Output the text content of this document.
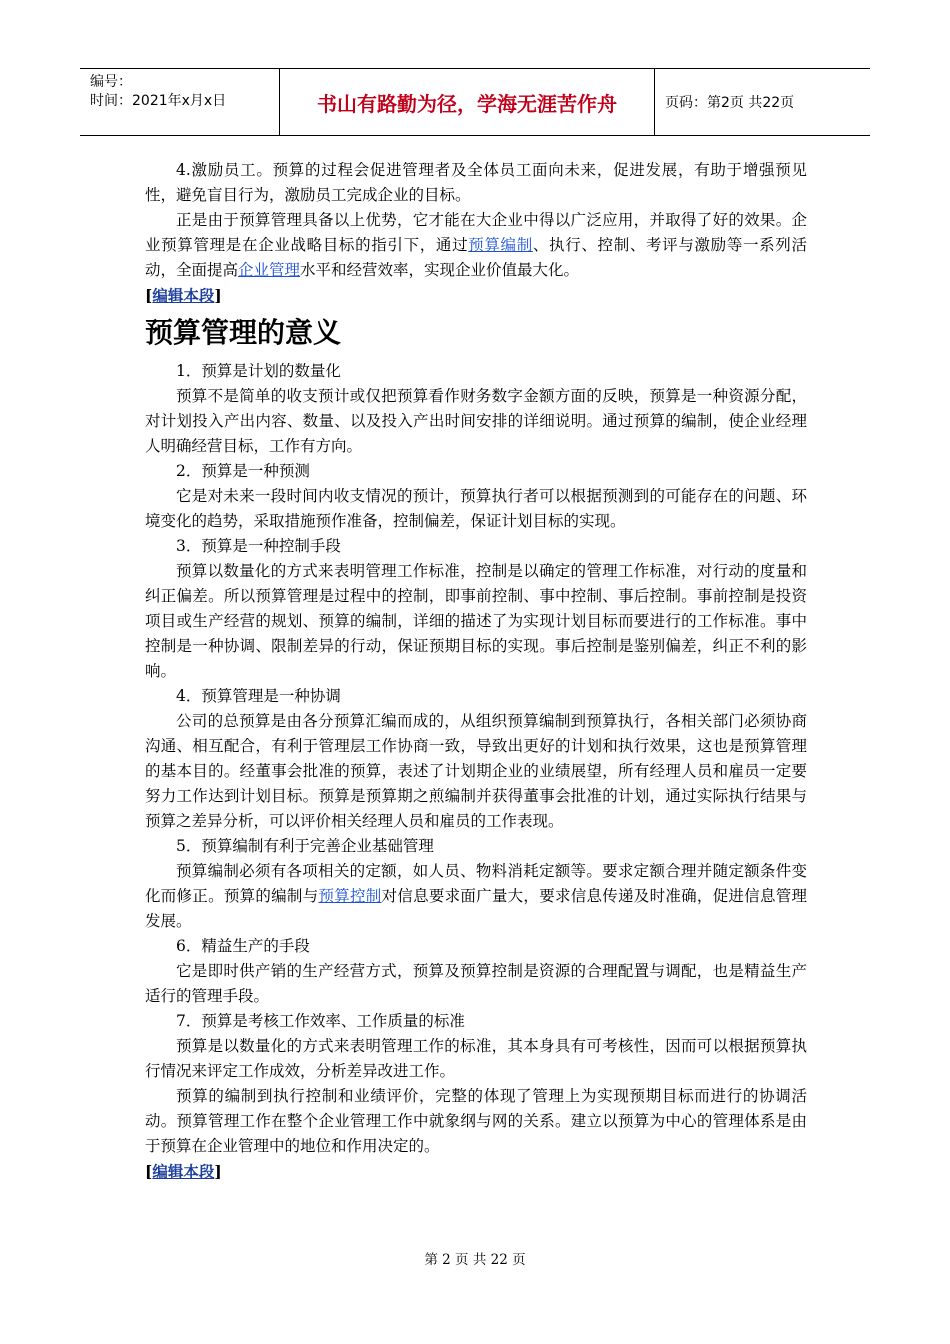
编号：
时间：2021年x月x日	书山有路勤为径，学海无涯苦作舟	页码：第2页 共22页

4.激励员工。预算的过程会促进管理者及全体员工面向未来，促进发展，有助于增强预见性，避免盲目行为，激励员工完成企业的目标。

正是由于预算管理具备以上优势，它才能在大企业中得以广泛应用，并取得了好的效果。企业预算管理是在企业战略目标的指引下，通过预算编制、执行、控制、考评与激励等一系列活动，全面提高企业管理水平和经营效率，实现企业价值最大化。

[编辑本段]
预算管理的意义

1．预算是计划的数量化

预算不是简单的收支预计或仅把预算看作财务数字金额方面的反映，预算是一种资源分配，对计划投入产出内容、数量、以及投入产出时间安排的详细说明。通过预算的编制，使企业经理人明确经营目标，工作有方向。

2．预算是一种预测

它是对未来一段时间内收支情况的预计，预算执行者可以根据预测到的可能存在的问题、环境变化的趋势，采取措施预作准备，控制偏差，保证计划目标的实现。

3．预算是一种控制手段

预算以数量化的方式来表明管理工作标准，控制是以确定的管理工作标准，对行动的度量和纠正偏差。所以预算管理是过程中的控制，即事前控制、事中控制、事后控制。事前控制是投资项目或生产经营的规划、预算的编制，详细的描述了为实现计划目标而要进行的工作标准。事中控制是一种协调、限制差异的行动，保证预期目标的实现。事后控制是鉴别偏差，纠正不利的影响。

4．预算管理是一种协调

公司的总预算是由各分预算汇编而成的，从组织预算编制到预算执行，各相关部门必须协商沟通、相互配合，有利于管理层工作协商一致，导致出更好的计划和执行效果，这也是预算管理的基本目的。经董事会批准的预算，表述了计划期企业的业绩展望，所有经理人员和雇员一定要努力工作达到计划目标。预算是预算期之煎编制并获得董事会批准的计划，通过实际执行结果与预算之差异分析，可以评价相关经理人员和雇员的工作表现。

5．预算编制有利于完善企业基础管理

预算编制必须有各项相关的定额，如人员、物料消耗定额等。要求定额合理并随定额条件变化而修正。预算的编制与预算控制对信息要求面广量大，要求信息传递及时准确，促进信息管理发展。

6．精益生产的手段

它是即时供产销的生产经营方式，预算及预算控制是资源的合理配置与调配，也是精益生产适行的管理手段。

7．预算是考核工作效率、工作质量的标准

预算是以数量化的方式来表明管理工作的标准，其本身具有可考核性，因而可以根据预算执行情况来评定工作成效，分析差异改进工作。

预算的编制到执行控制和业绩评价，完整的体现了管理上为实现预期目标而进行的协调活动。预算管理工作在整个企业管理工作中就象纲与网的关系。建立以预算为中心的管理体系是由于预算在企业管理中的地位和作用决定的。

[编辑本段]
第 2 页 共 22 页
